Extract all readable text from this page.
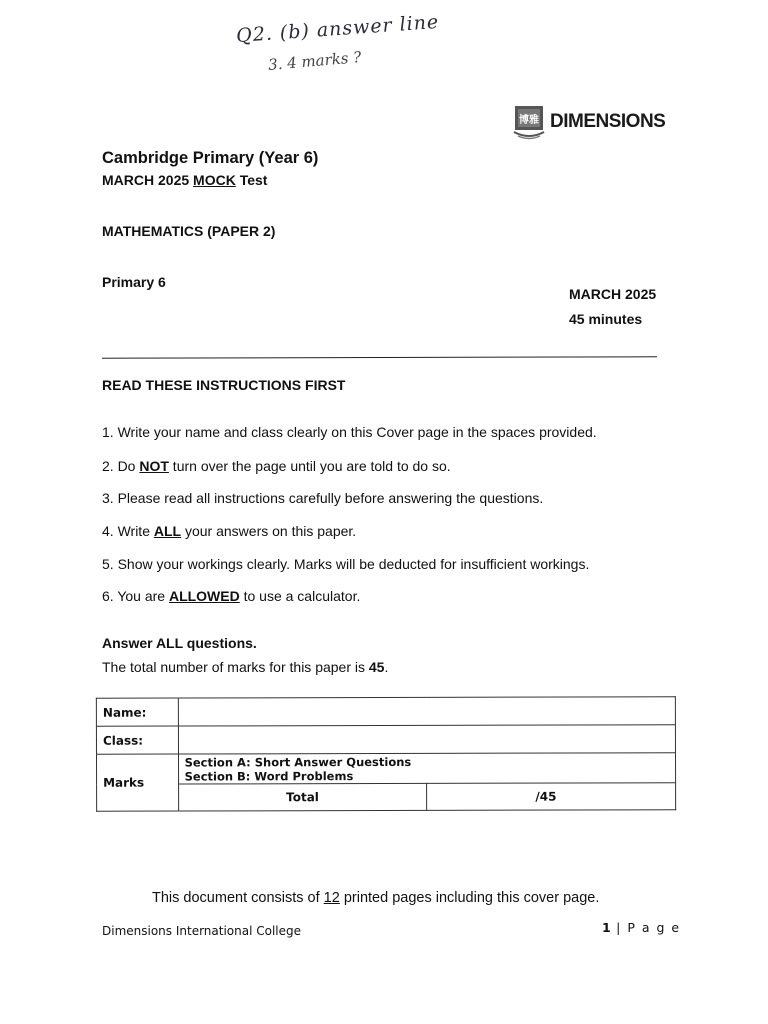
Q2. (b) answer line
3. 4 marks ?
博雅 DIMENSIONS
Cambridge Primary (Year 6)
MARCH 2025 MOCK Test
MATHEMATICS (PAPER 2)
Primary 6
MARCH 2025
45 minutes
READ THESE INSTRUCTIONS FIRST
1. Write your name and class clearly on this Cover page in the spaces provided.
2. Do NOT turn over the page until you are told to do so.
3. Please read all instructions carefully before answering the questions.
4. Write ALL your answers on this paper.
5. Show your workings clearly. Marks will be deducted for insufficient workings.
6. You are ALLOWED to use a calculator.
Answer ALL questions.
The total number of marks for this paper is 45.
Name:		
Class:		
Marks	Section A: Short Answer Questions
Section B: Word Problems	

	Total	/45
This document consists of 12 printed pages including this cover page.
Dimensions International College	1 | P a g e
